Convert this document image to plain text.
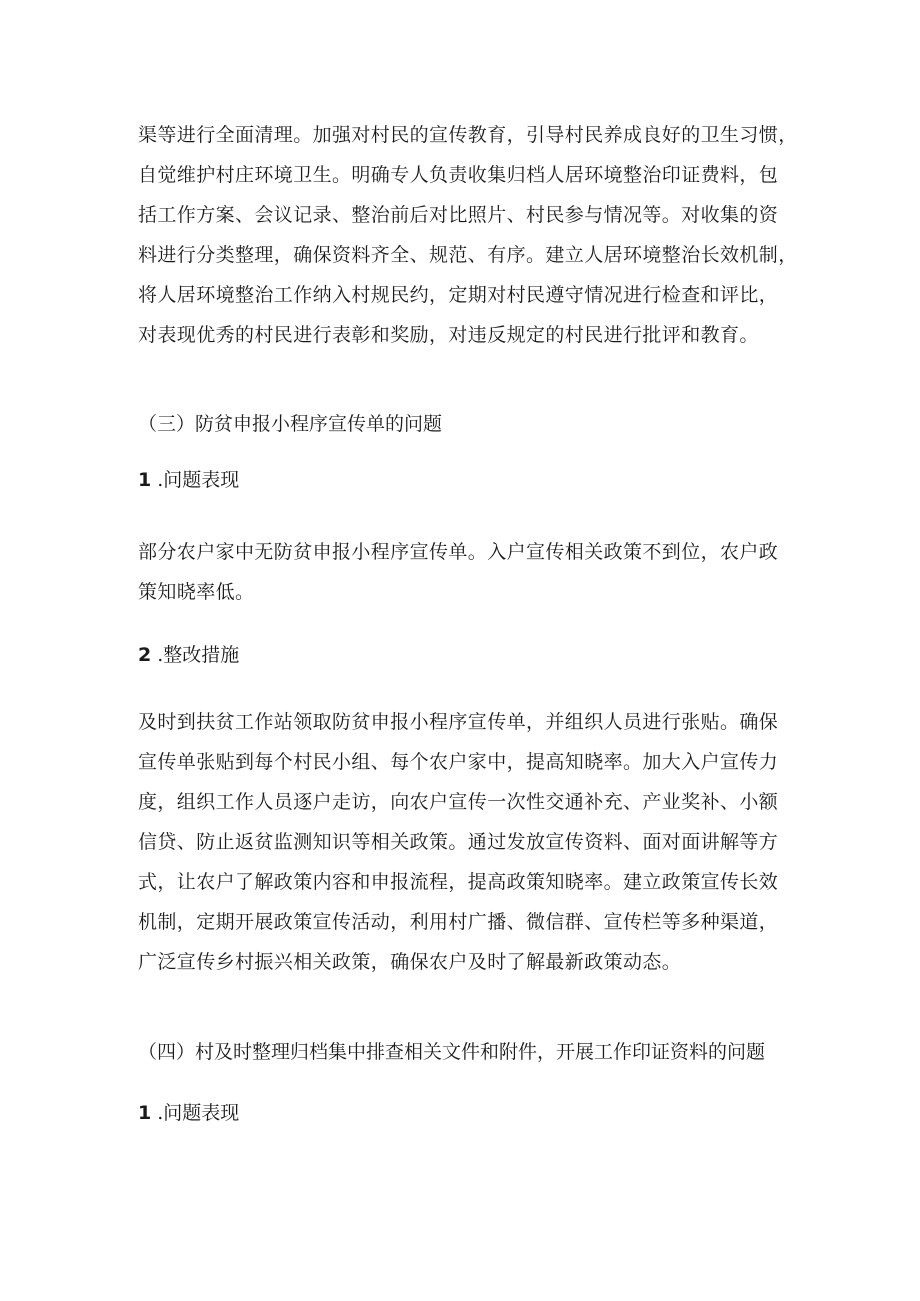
渠等进行全面清理。加强对村民的宣传教育，引导村民养成良好的卫生习惯，
自觉维护村庄环境卫生。明确专人负责收集归档人居环境整治印证费料，包
括工作方案、会议记录、整治前后对比照片、村民参与情况等。对收集的资
料进行分类整理，确保资料齐全、规范、有序。建立人居环境整治长效机制，
将人居环境整治工作纳入村规民约，定期对村民遵守情况进行检查和评比，
对表现优秀的村民进行表彰和奖励，对违反规定的村民进行批评和教育。
（三）防贫申报小程序宣传单的问题
1 .问题表现
部分农户家中无防贫申报小程序宣传单。入户宣传相关政策不到位，农户政
策知晓率低。
2 .整改措施
及时到扶贫工作站领取防贫申报小程序宣传单，并组织人员进行张贴。确保
宣传单张贴到每个村民小组、每个农户家中，提高知晓率。加大入户宣传力
度，组织工作人员逐户走访，向农户宣传一次性交通补充、产业奖补、小额
信贷、防止返贫监测知识等相关政策。通过发放宣传资料、面对面讲解等方
式，让农户了解政策内容和申报流程，提高政策知晓率。建立政策宣传长效
机制，定期开展政策宣传活动，利用村广播、微信群、宣传栏等多种渠道，
广泛宣传乡村振兴相关政策，确保农户及时了解最新政策动态。
（四）村及时整理归档集中排查相关文件和附件，开展工作印证资料的问题
1 .问题表现
